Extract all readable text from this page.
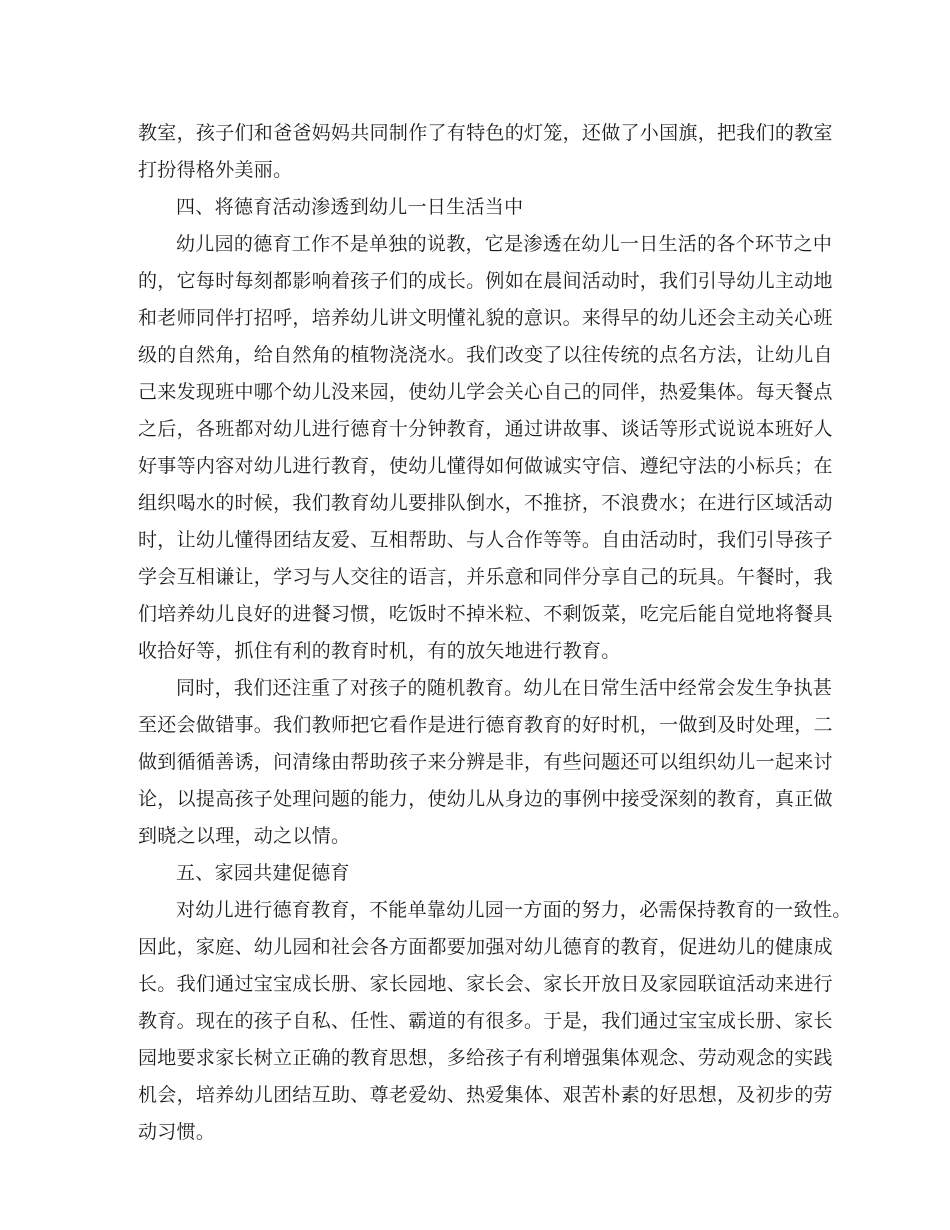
教室，孩子们和爸爸妈妈共同制作了有特色的灯笼，还做了小国旗，把我们的教室
打扮得格外美丽。
四、将德育活动渗透到幼儿一日生活当中
幼儿园的德育工作不是单独的说教，它是渗透在幼儿一日生活的各个环节之中
的，它每时每刻都影响着孩子们的成长。例如在晨间活动时，我们引导幼儿主动地
和老师同伴打招呼，培养幼儿讲文明懂礼貌的意识。来得早的幼儿还会主动关心班
级的自然角，给自然角的植物浇浇水。我们改变了以往传统的点名方法，让幼儿自
己来发现班中哪个幼儿没来园，使幼儿学会关心自己的同伴，热爱集体。每天餐点
之后，各班都对幼儿进行德育十分钟教育，通过讲故事、谈话等形式说说本班好人
好事等内容对幼儿进行教育，使幼儿懂得如何做诚实守信、遵纪守法的小标兵；在
组织喝水的时候，我们教育幼儿要排队倒水，不推挤，不浪费水；在进行区域活动
时，让幼儿懂得团结友爱、互相帮助、与人合作等等。自由活动时，我们引导孩子
学会互相谦让，学习与人交往的语言，并乐意和同伴分享自己的玩具。午餐时，我
们培养幼儿良好的进餐习惯，吃饭时不掉米粒、不剩饭菜，吃完后能自觉地将餐具
收拾好等，抓住有利的教育时机，有的放矢地进行教育。
同时，我们还注重了对孩子的随机教育。幼儿在日常生活中经常会发生争执甚
至还会做错事。我们教师把它看作是进行德育教育的好时机，一做到及时处理，二
做到循循善诱，问清缘由帮助孩子来分辨是非，有些问题还可以组织幼儿一起来讨
论，以提高孩子处理问题的能力，使幼儿从身边的事例中接受深刻的教育，真正做
到晓之以理，动之以情。
五、家园共建促德育
对幼儿进行德育教育，不能单靠幼儿园一方面的努力，必需保持教育的一致性。
因此，家庭、幼儿园和社会各方面都要加强对幼儿德育的教育，促进幼儿的健康成
长。我们通过宝宝成长册、家长园地、家长会、家长开放日及家园联谊活动来进行
教育。现在的孩子自私、任性、霸道的有很多。于是，我们通过宝宝成长册、家长
园地要求家长树立正确的教育思想，多给孩子有利增强集体观念、劳动观念的实践
机会，培养幼儿团结互助、尊老爱幼、热爱集体、艰苦朴素的好思想，及初步的劳
动习惯。
